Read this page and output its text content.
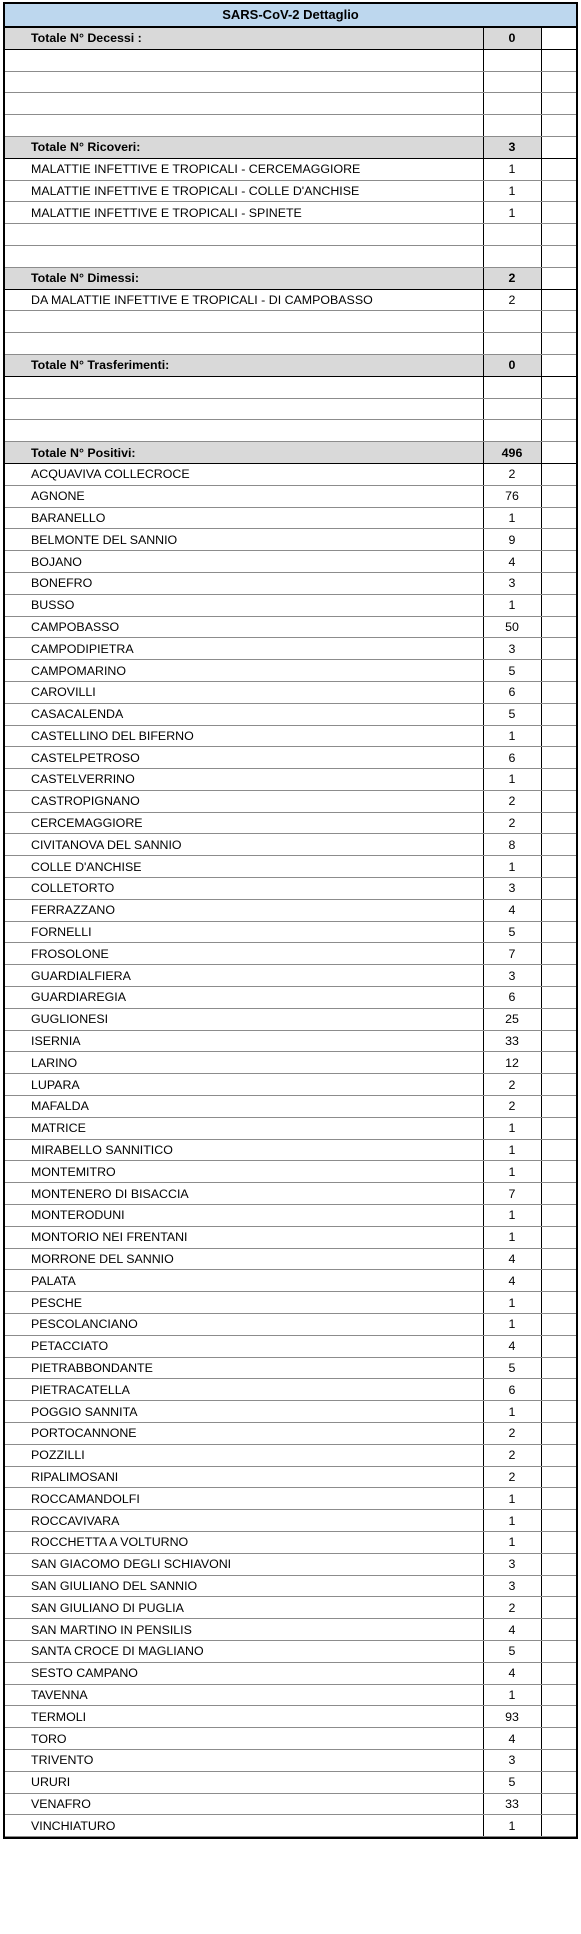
SARS-CoV-2 Dettaglio
Totale N° Decessi :	0	

Totale N° Ricoveri:	3	
MALATTIE INFETTIVE E TROPICALI - CERCEMAGGIORE	1	
MALATTIE INFETTIVE E TROPICALI - COLLE D'ANCHISE	1	
MALATTIE INFETTIVE E TROPICALI - SPINETE	1	

Totale N° Dimessi:	2	
DA MALATTIE INFETTIVE E TROPICALI - DI CAMPOBASSO	2	

Totale N° Trasferimenti:	0	

Totale N° Positivi:	496	
ACQUAVIVA COLLECROCE	2	
AGNONE	76	
BARANELLO	1	
BELMONTE DEL SANNIO	9	
BOJANO	4	
BONEFRO	3	
BUSSO	1	
CAMPOBASSO	50	
CAMPODIPIETRA	3	
CAMPOMARINO	5	
CAROVILLI	6	
CASACALENDA	5	
CASTELLINO DEL BIFERNO	1	
CASTELPETROSO	6	
CASTELVERRINO	1	
CASTROPIGNANO	2	
CERCEMAGGIORE	2	
CIVITANOVA DEL SANNIO	8	
COLLE D'ANCHISE	1	
COLLETORTO	3	
FERRAZZANO	4	
FORNELLI	5	
FROSOLONE	7	
GUARDIALFIERA	3	
GUARDIAREGIA	6	
GUGLIONESI	25	
ISERNIA	33	
LARINO	12	
LUPARA	2	
MAFALDA	2	
MATRICE	1	
MIRABELLO SANNITICO	1	
MONTEMITRO	1	
MONTENERO DI BISACCIA	7	
MONTERODUNI	1	
MONTORIO NEI FRENTANI	1	
MORRONE DEL SANNIO	4	
PALATA	4	
PESCHE	1	
PESCOLANCIANO	1	
PETACCIATO	4	
PIETRABBONDANTE	5	
PIETRACATELLA	6	
POGGIO SANNITA	1	
PORTOCANNONE	2	
POZZILLI	2	
RIPALIMOSANI	2	
ROCCAMANDOLFI	1	
ROCCAVIVARA	1	
ROCCHETTA A VOLTURNO	1	
SAN GIACOMO DEGLI SCHIAVONI	3	
SAN GIULIANO DEL SANNIO	3	
SAN GIULIANO DI PUGLIA	2	
SAN MARTINO IN PENSILIS	4	
SANTA CROCE DI MAGLIANO	5	
SESTO CAMPANO	4	
TAVENNA	1	
TERMOLI	93	
TORO	4	
TRIVENTO	3	
URURI	5	
VENAFRO	33	
VINCHIATURO	1	
